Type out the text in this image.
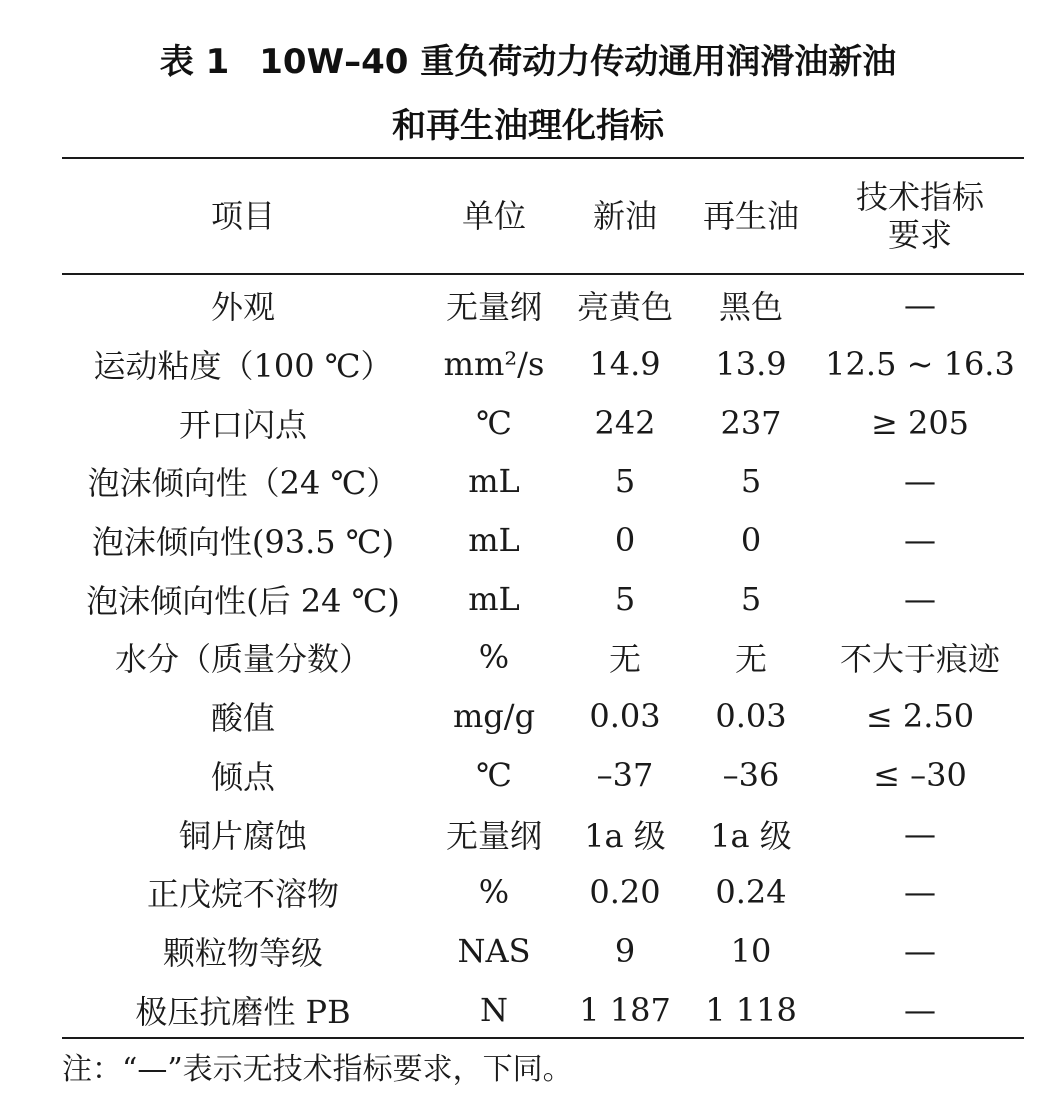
表 1 10W–40 重负荷动力传动通用润滑油新油
和再生油理化指标
项目	单位	新油	再生油	技术指标
要求
外观	无量纲	亮黄色	黑色	—
运动粘度（100 ℃）	mm²/s	14.9	13.9	12.5 ~ 16.3
开口闪点	℃	242	237	≥ 205
泡沫倾向性（24 ℃）	mL	5	5	—
泡沫倾向性(93.5 ℃)	mL	0	0	—
泡沫倾向性(后 24 ℃)	mL	5	5	—
水分（质量分数）	%	无	无	不大于痕迹
酸值	mg/g	0.03	0.03	≤ 2.50
倾点	℃	–37	–36	≤ –30
铜片腐蚀	无量纲	1a 级	1a 级	—
正戊烷不溶物	%	0.20	0.24	—
颗粒物等级	NAS	9	10	—
极压抗磨性 PB	N	1 187	1 118	—
注：“—”表示无技术指标要求，下同。
